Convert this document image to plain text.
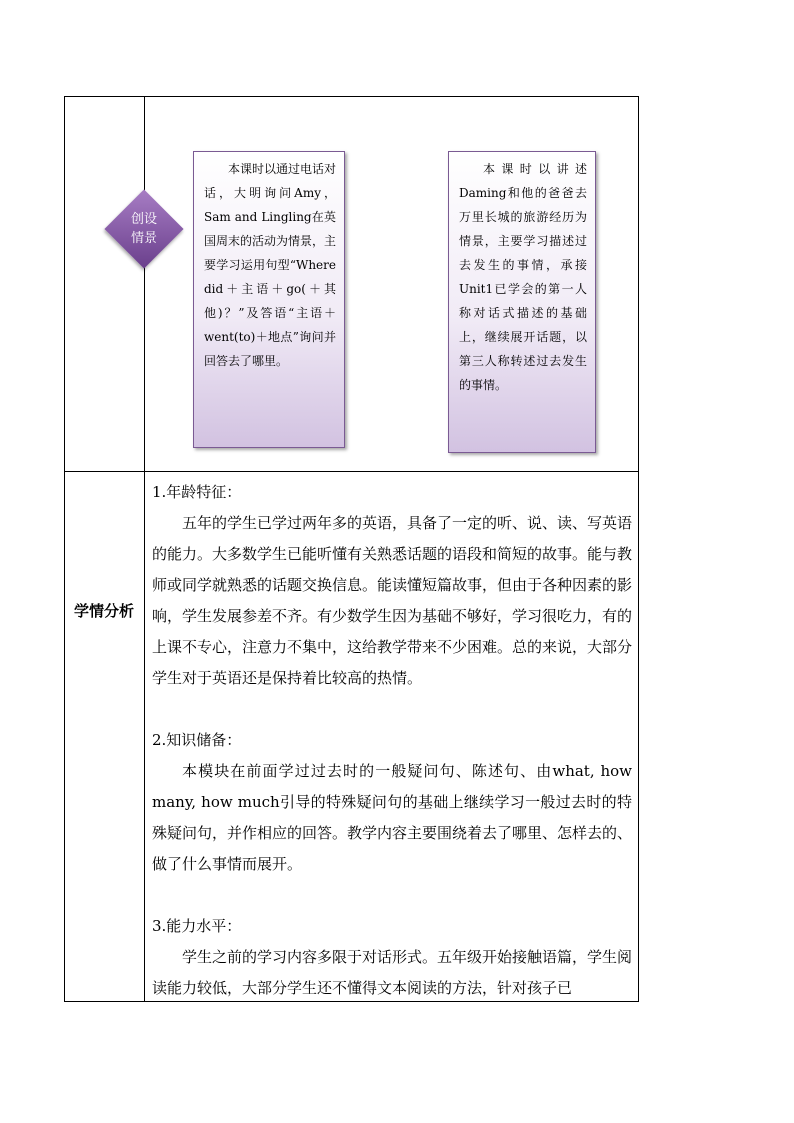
创设情景

本课时以通过电话对话，大明询问Amy，Sam and Lingling在英国周末的活动为情景，主要学习运用句型“Where did＋主语＋go(＋其他)？”及答语“主语＋went(to)＋地点”询问并回答去了哪里。

本课时以讲述Daming和他的爸爸去万里长城的旅游经历为情景，主要学习描述过去发生的事情，承接Unit1已学会的第一人称对话式描述的基础上，继续展开话题，以第三人称转述过去发生的事情。

学情分析

1.年龄特征：

五年的学生已学过两年多的英语，具备了一定的听、说、读、写英语的能力。大多数学生已能听懂有关熟悉话题的语段和简短的故事。能与教师或同学就熟悉的话题交换信息。能读懂短篇故事，但由于各种因素的影响，学生发展参差不齐。有少数学生因为基础不够好，学习很吃力，有的上课不专心，注意力不集中，这给教学带来不少困难。总的来说，大部分学生对于英语还是保持着比较高的热情。

2.知识储备：

本模块在前面学过过去时的一般疑问句、陈述句、由what, how many, how much引导的特殊疑问句的基础上继续学习一般过去时的特殊疑问句，并作相应的回答。教学内容主要围绕着去了哪里、怎样去的、做了什么事情而展开。

3.能力水平：

学生之前的学习内容多限于对话形式。五年级开始接触语篇，学生阅读能力较低，大部分学生还不懂得文本阅读的方法，针对孩子已
